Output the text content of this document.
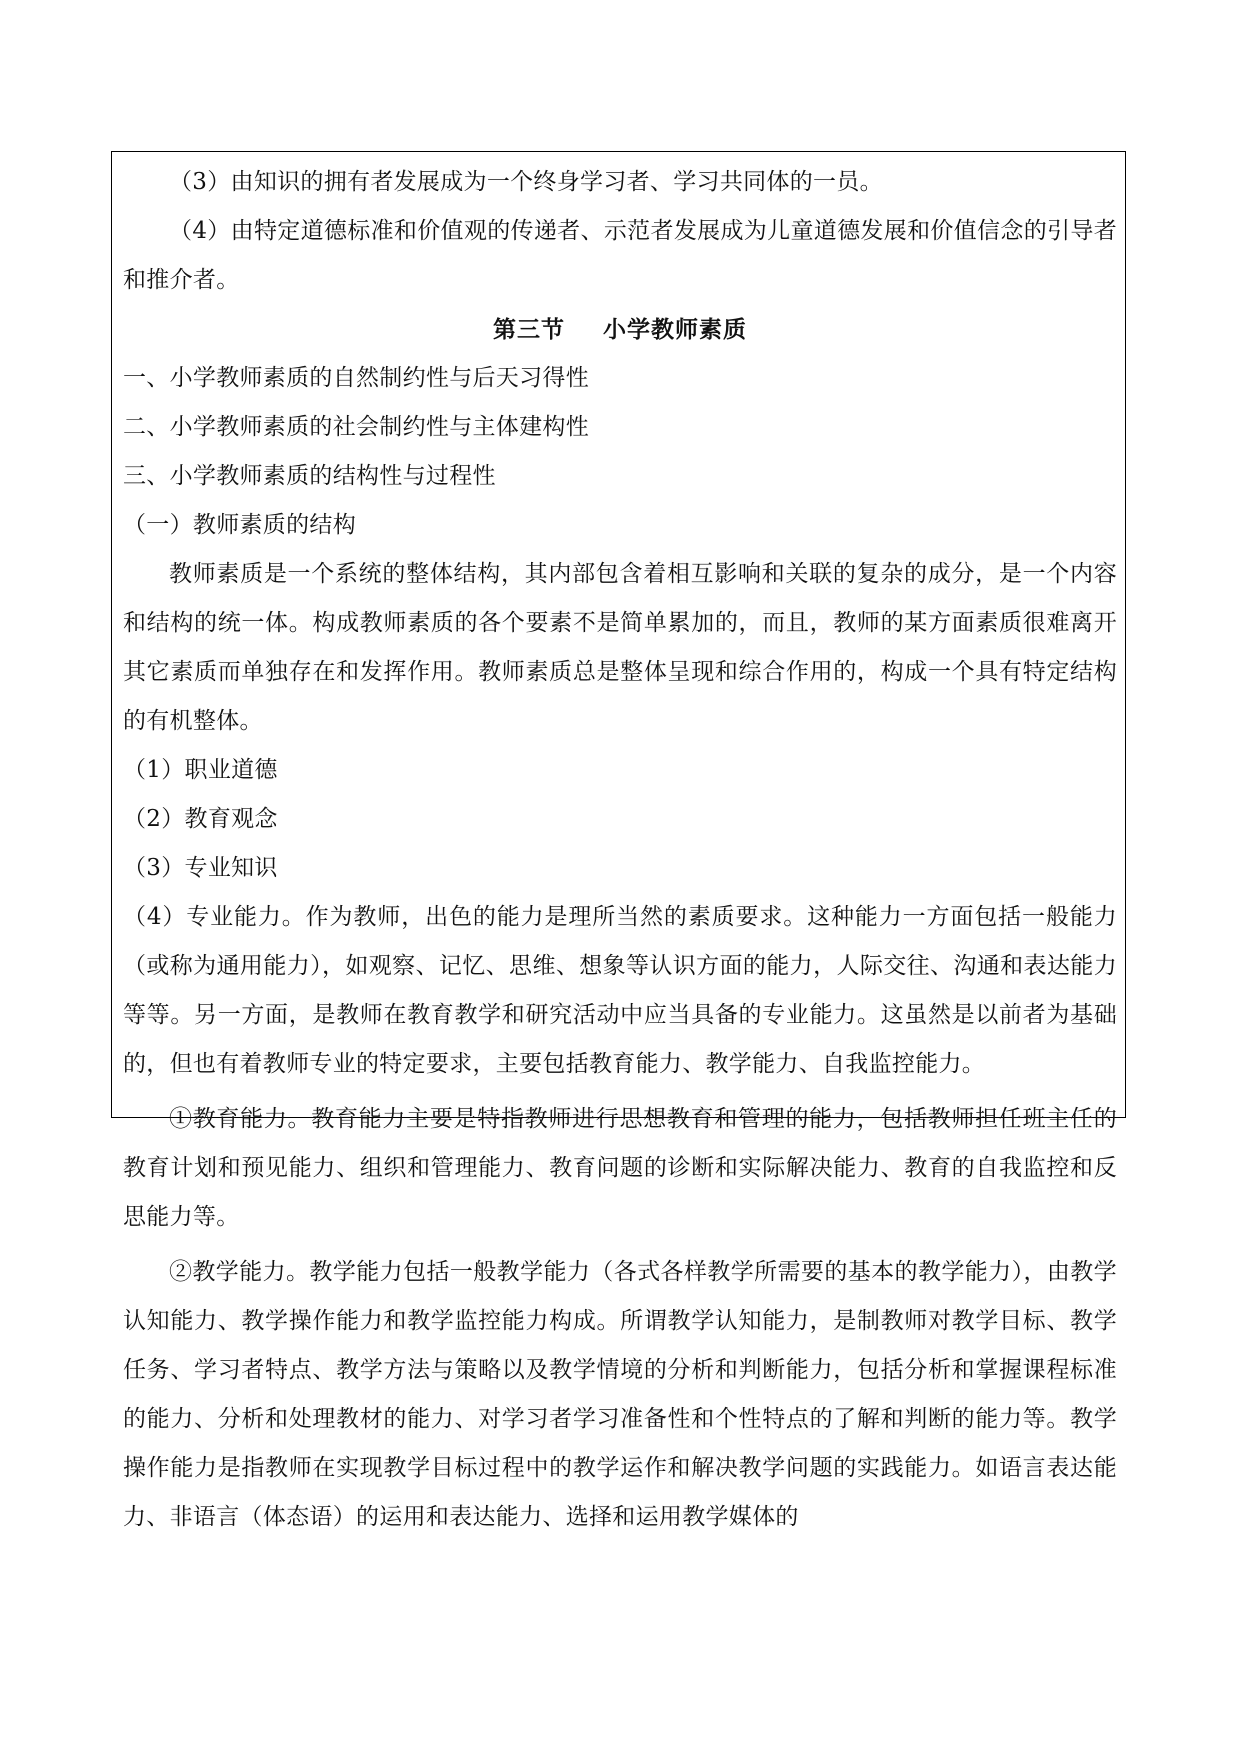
（3）由知识的拥有者发展成为一个终身学习者、学习共同体的一员。
（4）由特定道德标准和价值观的传递者、示范者发展成为儿童道德发展和价值信念的引导者和推介者。
第三节 小学教师素质
一、小学教师素质的自然制约性与后天习得性
二、小学教师素质的社会制约性与主体建构性
三、小学教师素质的结构性与过程性
（一）教师素质的结构
教师素质是一个系统的整体结构，其内部包含着相互影响和关联的复杂的成分，是一个内容和结构的统一体。构成教师素质的各个要素不是简单累加的，而且，教师的某方面素质很难离开其它素质而单独存在和发挥作用。教师素质总是整体呈现和综合作用的，构成一个具有特定结构的有机整体。
（1）职业道德
（2）教育观念
（3）专业知识
（4）专业能力。作为教师，出色的能力是理所当然的素质要求。这种能力一方面包括一般能力（或称为通用能力），如观察、记忆、思维、想象等认识方面的能力，人际交往、沟通和表达能力等等。另一方面，是教师在教育教学和研究活动中应当具备的专业能力。这虽然是以前者为基础的，但也有着教师专业的特定要求，主要包括教育能力、教学能力、自我监控能力。
①教育能力。教育能力主要是特指教师进行思想教育和管理的能力，包括教师担任班主任的教育计划和预见能力、组织和管理能力、教育问题的诊断和实际解决能力、教育的自我监控和反思能力等。
②教学能力。教学能力包括一般教学能力（各式各样教学所需要的基本的教学能力），由教学认知能力、教学操作能力和教学监控能力构成。所谓教学认知能力，是制教师对教学目标、教学任务、学习者特点、教学方法与策略以及教学情境的分析和判断能力，包括分析和掌握课程标准的能力、分析和处理教材的能力、对学习者学习准备性和个性特点的了解和判断的能力等。教学操作能力是指教师在实现教学目标过程中的教学运作和解决教学问题的实践能力。如语言表达能力、非语言（体态语）的运用和表达能力、选择和运用教学媒体的
